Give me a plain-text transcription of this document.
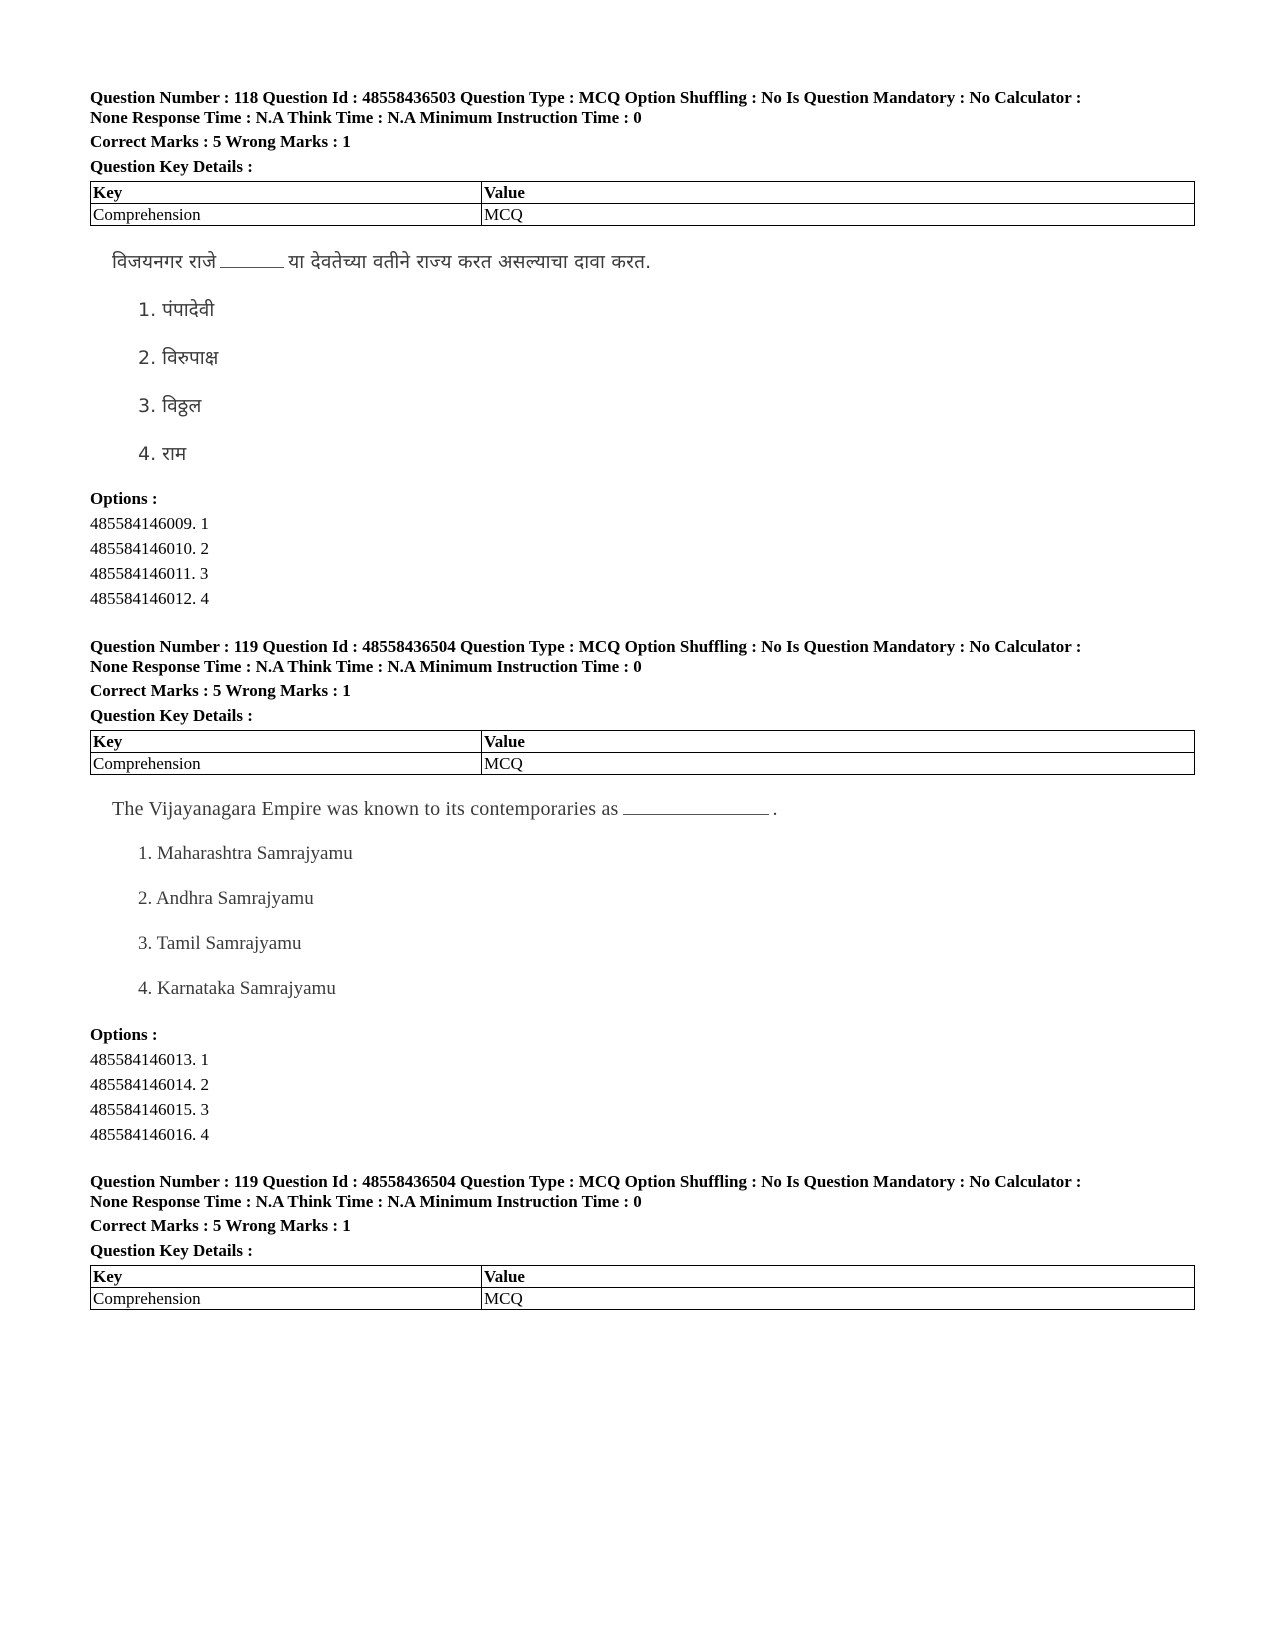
Question Number : 118 Question Id : 48558436503 Question Type : MCQ Option Shuffling : No Is Question Mandatory : No Calculator :

None Response Time : N.A Think Time : N.A Minimum Instruction Time : 0

Correct Marks : 5 Wrong Marks : 1

Question Key Details :

Key	Value
Comprehension	MCQ

विजयनगर राजे	या देवतेच्या वतीने राज्य करत असल्याचा दावा करत.

1. पंपादेवी

2. विरुपाक्ष

3. विठ्ठल

4. राम

Options :
485584146009. 1
485584146010. 2
485584146011. 3
485584146012. 4

Question Number : 119 Question Id : 48558436504 Question Type : MCQ Option Shuffling : No Is Question Mandatory : No Calculator :

None Response Time : N.A Think Time : N.A Minimum Instruction Time : 0

Correct Marks : 5 Wrong Marks : 1

Question Key Details :

Key	Value
Comprehension	MCQ

The Vijayanagara Empire was known to its contemporaries as	.

1. Maharashtra Samrajyamu

2. Andhra Samrajyamu

3. Tamil Samrajyamu

4. Karnataka Samrajyamu

Options :
485584146013. 1
485584146014. 2
485584146015. 3
485584146016. 4

Question Number : 119 Question Id : 48558436504 Question Type : MCQ Option Shuffling : No Is Question Mandatory : No Calculator :

None Response Time : N.A Think Time : N.A Minimum Instruction Time : 0

Correct Marks : 5 Wrong Marks : 1

Question Key Details :

Key	Value
Comprehension	MCQ
